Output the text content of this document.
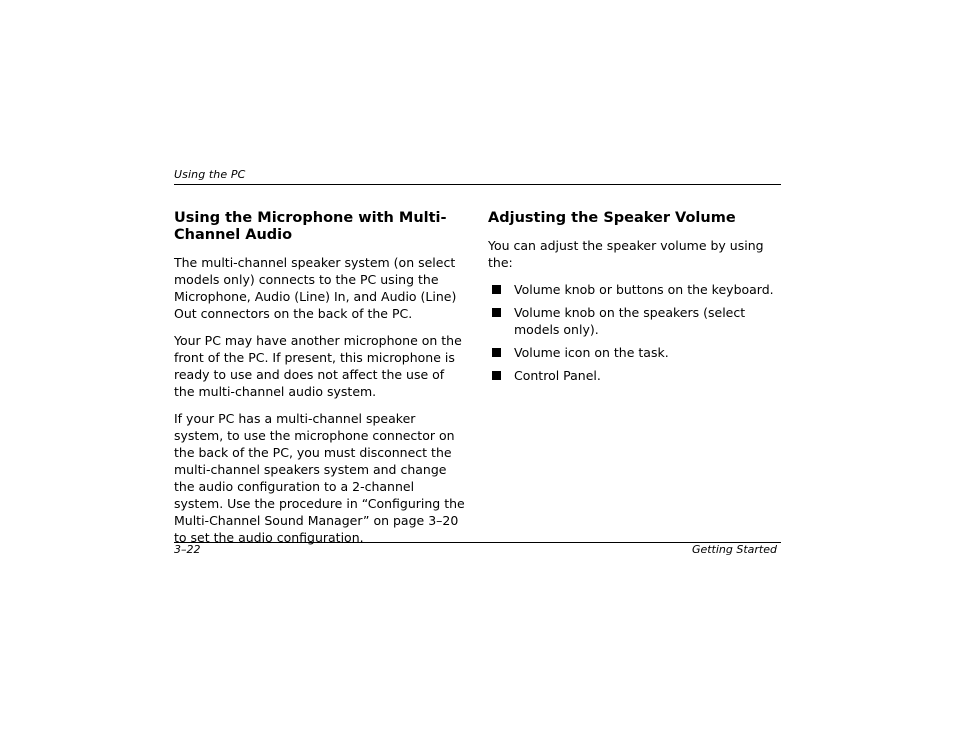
Using the PC
Using the Microphone with Multi-Channel Audio

The multi-channel speaker system (on select models only) connects to the PC using the Microphone, Audio (Line) In, and Audio (Line) Out connectors on the back of the PC.

Your PC may have another microphone on the front of the PC. If present, this microphone is ready to use and does not affect the use of the multi-channel audio system.

If your PC has a multi-channel speaker system, to use the microphone connector on the back of the PC, you must disconnect the multi-channel speakers system and change the audio configuration to a 2-channel system. Use the procedure in “Configuring the Multi-Channel Sound Manager” on page 3–20 to set the audio configuration.

Adjusting the Speaker Volume

You can adjust the speaker volume by using the:

Volume knob or buttons on the keyboard.
Volume knob on the speakers (select models only).
Volume icon on the task.
Control Panel.
3–22	Getting Started
